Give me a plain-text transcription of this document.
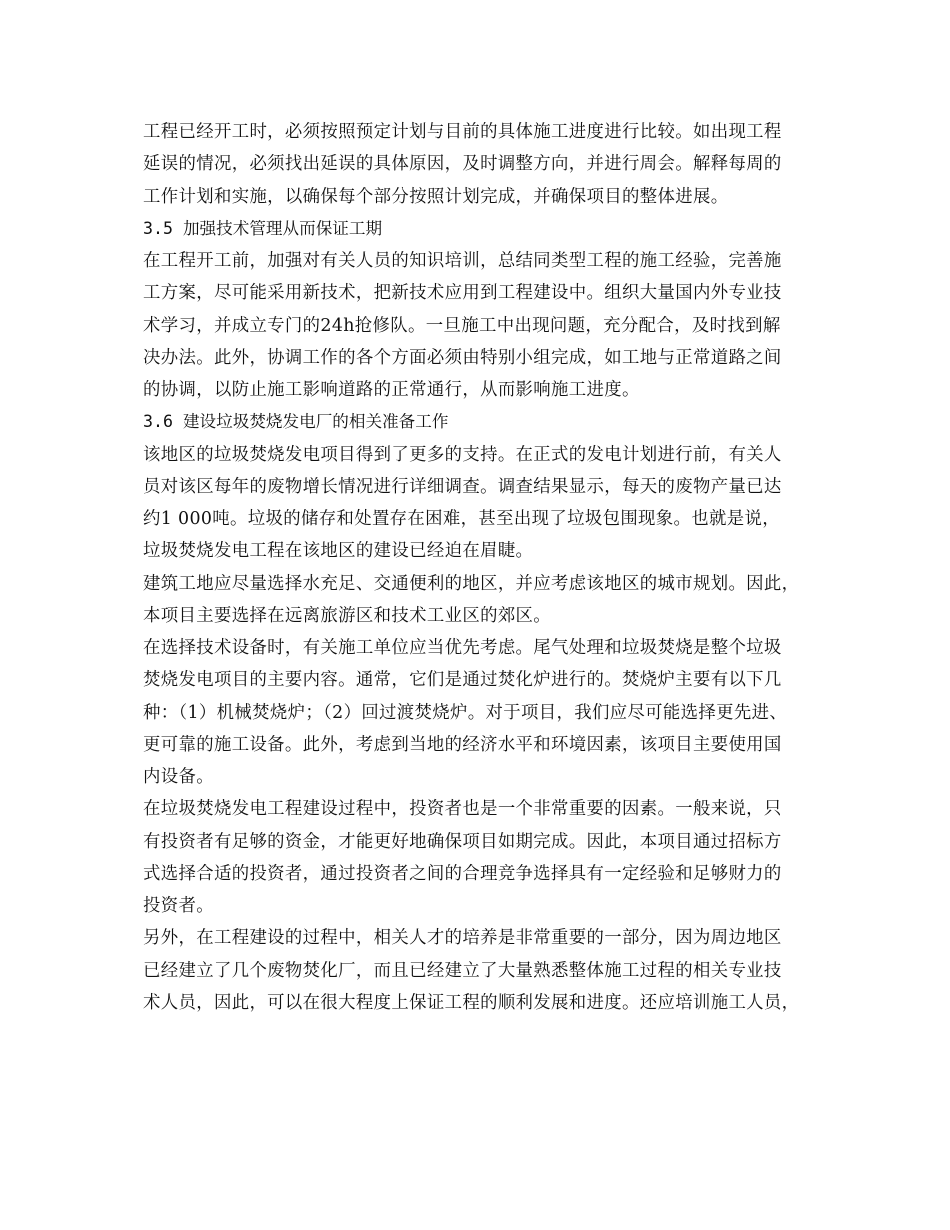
工程已经开工时，必须按照预定计划与目前的具体施工进度进行比较。如出现工程
延误的情况，必须找出延误的具体原因，及时调整方向，并进行周会。解释每周的
工作计划和实施，以确保每个部分按照计划完成，并确保项目的整体进展。
3.5 加强技术管理从而保证工期
在工程开工前，加强对有关人员的知识培训，总结同类型工程的施工经验，完善施
工方案，尽可能采用新技术，把新技术应用到工程建设中。组织大量国内外专业技
术学习，并成立专门的24h抢修队。一旦施工中出现问题，充分配合，及时找到解
决办法。此外，协调工作的各个方面必须由特别小组完成，如工地与正常道路之间
的协调，以防止施工影响道路的正常通行，从而影响施工进度。
3.6 建设垃圾焚烧发电厂的相关准备工作
该地区的垃圾焚烧发电项目得到了更多的支持。在正式的发电计划进行前，有关人
员对该区每年的废物增长情况进行详细调查。调查结果显示，每天的废物产量已达
约1 000吨。垃圾的储存和处置存在困难，甚至出现了垃圾包围现象。也就是说，
垃圾焚烧发电工程在该地区的建设已经迫在眉睫。
建筑工地应尽量选择水充足、交通便利的地区，并应考虑该地区的城市规划。因此，
本项目主要选择在远离旅游区和技术工业区的郊区。
在选择技术设备时，有关施工单位应当优先考虑。尾气处理和垃圾焚烧是整个垃圾
焚烧发电项目的主要内容。通常，它们是通过焚化炉进行的。焚烧炉主要有以下几
种：（1）机械焚烧炉；（2）回过渡焚烧炉。对于项目，我们应尽可能选择更先进、
更可靠的施工设备。此外，考虑到当地的经济水平和环境因素，该项目主要使用国
内设备。
在垃圾焚烧发电工程建设过程中，投资者也是一个非常重要的因素。一般来说，只
有投资者有足够的资金，才能更好地确保项目如期完成。因此，本项目通过招标方
式选择合适的投资者，通过投资者之间的合理竞争选择具有一定经验和足够财力的
投资者。
另外，在工程建设的过程中，相关人才的培养是非常重要的一部分，因为周边地区
已经建立了几个废物焚化厂，而且已经建立了大量熟悉整体施工过程的相关专业技
术人员，因此，可以在很大程度上保证工程的顺利发展和进度。还应培训施工人员，
